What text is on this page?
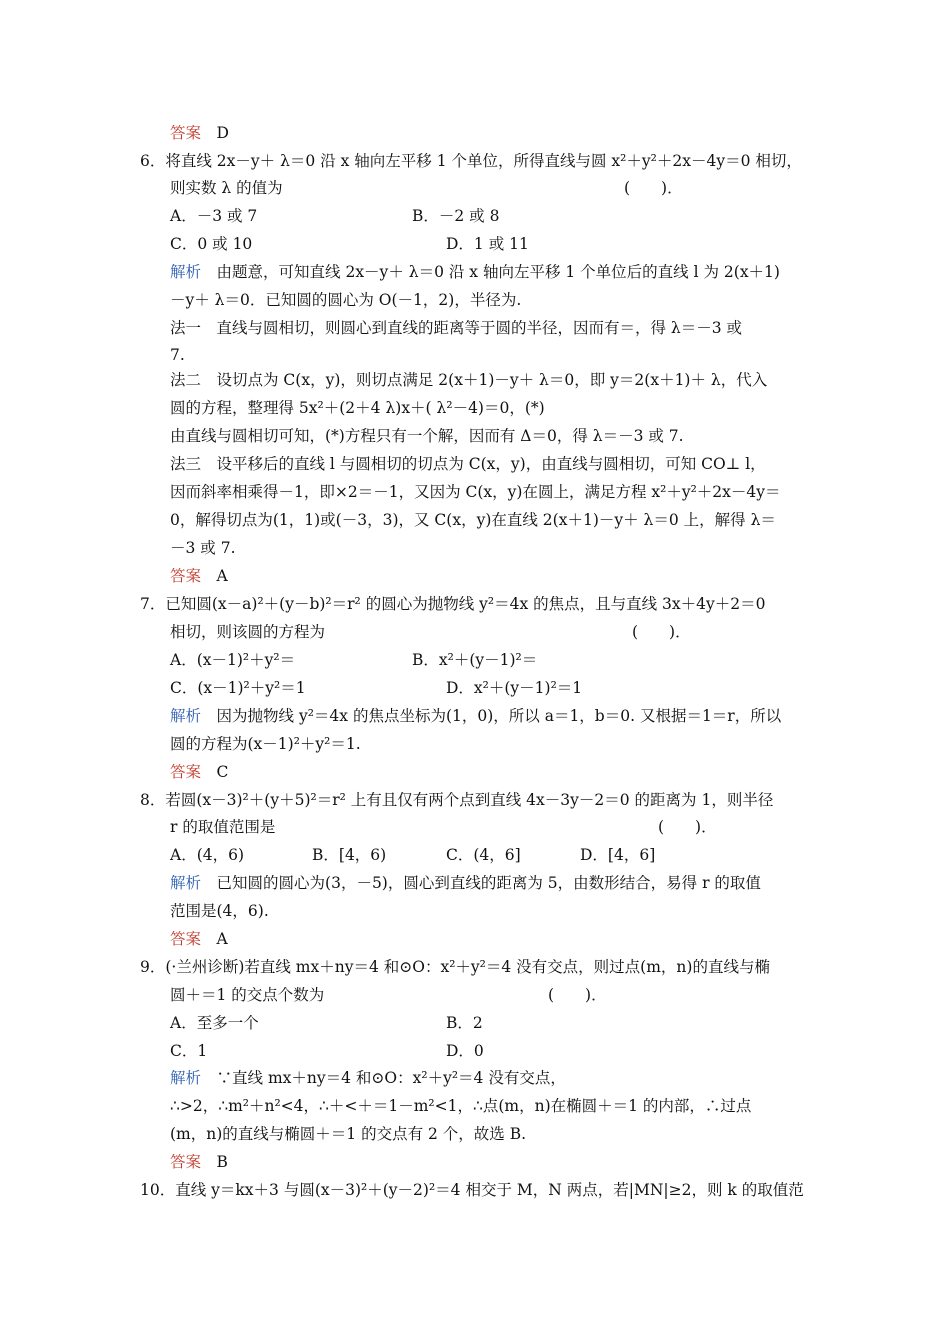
答案　 D
6．将直线 2x－y＋ λ＝0 沿 x 轴向左平移 1 个单位，所得直线与圆 x²＋y²＋2x－4y＝0 相切，
则实数 λ 的值为	(　　)．
A．－3 或 7	B．－2 或 8
C．0 或 10	D．1 或 11
解析　 由题意，可知直线 2x－y＋ λ＝0 沿 x 轴向左平移 1 个单位后的直线 l 为 2(x＋1)
－y＋ λ＝0．已知圆的圆心为 O(－1，2)，半径为.
法一　直线与圆相切，则圆心到直线的距离等于圆的半径，因而有＝，得 λ＝－3 或
7.
法二　设切点为 C(x，y)，则切点满足 2(x＋1)－y＋ λ＝0，即 y＝2(x＋1)＋ λ，代入
圆的方程，整理得 5x²＋(2＋4 λ)x＋( λ²－4)＝0，(*)
由直线与圆相切可知，(*)方程只有一个解，因而有 Δ＝0，得 λ＝－3 或 7.
法三　设平移后的直线 l 与圆相切的切点为 C(x，y)，由直线与圆相切，可知 CO⊥ l，
因而斜率相乘得－1，即×2＝－1，又因为 C(x，y)在圆上，满足方程 x²＋y²＋2x－4y＝
0，解得切点为(1，1)或(－3，3)，又 C(x，y)在直线 2(x＋1)－y＋ λ＝0 上，解得 λ＝
－3 或 7.
答案　 A
7．已知圆(x－a)²＋(y－b)²＝r² 的圆心为抛物线 y²＝4x 的焦点，且与直线 3x＋4y＋2＝0
相切，则该圆的方程为	(　　)．
A．(x－1)²＋y²＝	B．x²＋(y－1)²＝
C．(x－1)²＋y²＝1	D．x²＋(y－1)²＝1
解析　 因为抛物线 y²＝4x 的焦点坐标为(1，0)，所以 a＝1，b＝0. 又根据＝1＝r，所以
圆的方程为(x－1)²＋y²＝1.
答案　 C
8．若圆(x－3)²＋(y＋5)²＝r² 上有且仅有两个点到直线 4x－3y－2＝0 的距离为 1，则半径
r 的取值范围是	(　　)．
A．(4，6)	B．[4，6)	C．(4，6]	D．[4，6]
解析　 已知圆的圆心为(3，－5)，圆心到直线的距离为 5，由数形结合，易得 r 的取值
范围是(4，6).
答案　 A
9．(·兰州诊断)若直线 mx＋ny＝4 和⊙O：x²＋y²＝4 没有交点，则过点(m，n)的直线与椭
圆＋＝1 的交点个数为	(　　)．
A．至多一个	B．2
C．1	D．0
解析　 ∵直线 mx＋ny＝4 和⊙O：x²＋y²＝4 没有交点，
∴>2，∴m²＋n²<4，∴＋<＋＝1－m²<1，∴点(m，n)在椭圆＋＝1 的内部，∴过点
(m，n)的直线与椭圆＋＝1 的交点有 2 个，故选 B.
答案　 B
10．直线 y＝kx＋3 与圆(x－3)²＋(y－2)²＝4 相交于 M，N 两点，若|MN|≥2，则 k 的取值范
